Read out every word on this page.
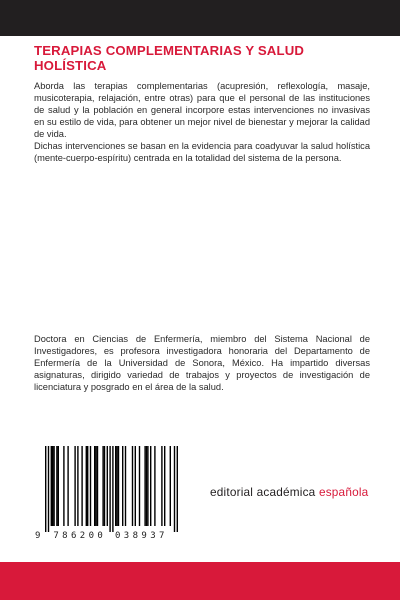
TERAPIAS COMPLEMENTARIAS Y SALUD HOLÍSTICA

Aborda las terapias complementarias (acupresión, reflexología, masaje, musicoterapia, relajación, entre otras) para que el personal de las instituciones de salud y la población en general incorpore estas intervenciones no invasivas en su estilo de vida, para obtener un mejor nivel de bienestar y mejorar la calidad de vida.

Dichas intervenciones se basan en la evidencia para coadyuvar la salud holística (mente-cuerpo-espíritu) centrada en la totalidad del sistema de la persona.

Doctora en Ciencias de Enfermería, miembro del Sistema Nacional de Investigadores, es profesora investigadora honoraria del Departamento de Enfermería de la Universidad de Sonora, México. Ha impartido diversas asignaturas, dirigido variedad de trabajos y proyectos de investigación de licenciatura y posgrado en el área de la salud.

9 786200 038937
editorial académica española
